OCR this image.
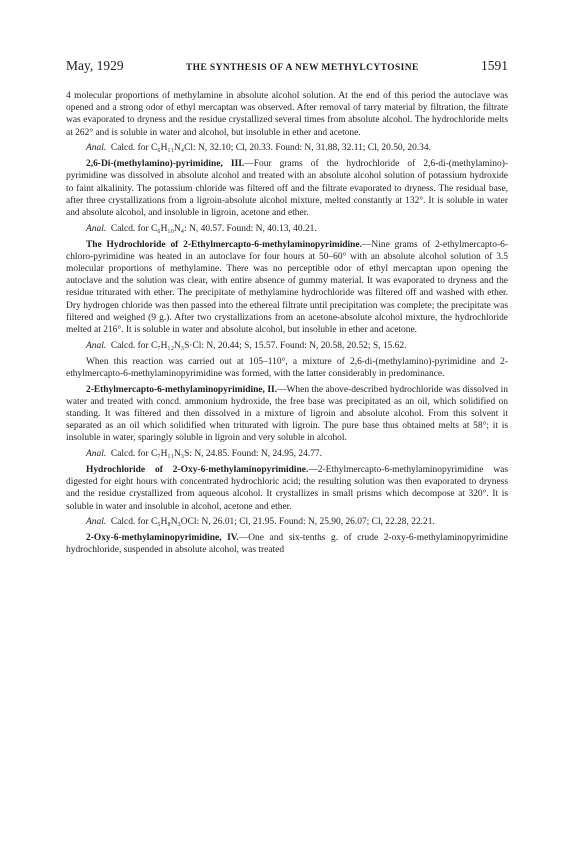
May, 1929	THE SYNTHESIS OF A NEW METHYLCYTOSINE	1591

4 molecular proportions of methylamine in absolute alcohol solution. At the end of this period the autoclave was opened and a strong odor of ethyl mercaptan was observed. After removal of tarry material by filtration, the filtrate was evaporated to dryness and the residue crystallized several times from absolute alcohol. The hydrochloride melts at 262° and is soluble in water and alcohol, but insoluble in ether and acetone.

Anal. Calcd. for C₆H₁₁N₄Cl: N, 32.10; Cl, 20.33. Found: N, 31.88, 32.11; Cl, 20.50, 20.34.

2,6-Di-(methylamino)-pyrimidine, III.—Four grams of the hydrochloride of 2,6-di-(methylamino)-pyrimidine was dissolved in absolute alcohol and treated with an absolute alcohol solution of potassium hydroxide to faint alkalinity. The potassium chloride was filtered off and the filtrate evaporated to dryness. The residual base, after three crystallizations from a ligroin-absolute alcohol mixture, melted constantly at 132°. It is soluble in water and absolute alcohol, and insoluble in ligroin, acetone and ether.

Anal. Calcd. for C₆H₁₀N₄: N, 40.57. Found: N, 40.13, 40.21.

The Hydrochloride of 2-Ethylmercapto-6-methylaminopyrimidine.—Nine grams of 2-ethylmercapto-6-chloro-pyrimidine was heated in an autoclave for four hours at 50–60° with an absolute alcohol solution of 3.5 molecular proportions of methylamine. There was no perceptible odor of ethyl mercaptan upon opening the autoclave and the solution was clear, with entire absence of gummy material. It was evaporated to dryness and the residue triturated with ether. The precipitate of methylamine hydrochloride was filtered off and washed with ether. Dry hydrogen chloride was then passed into the ethereal filtrate until precipitation was complete; the precipitate was filtered and weighed (9 g.). After two crystallizations from an acetone-absolute alcohol mixture, the hydrochloride melted at 216°. It is soluble in water and absolute alcohol, but insoluble in ether and acetone.

Anal. Calcd. for C₇H₁₂N₃S·Cl: N, 20.44; S, 15.57. Found: N, 20.58, 20.52; S, 15.62.

When this reaction was carried out at 105–110°, a mixture of 2,6-di-(methylamino)-pyrimidine and 2-ethylmercapto-6-methylaminopyrimidine was formed, with the latter considerably in predominance.

2-Ethylmercapto-6-methylaminopyrimidine, II.—When the above-described hydrochloride was dissolved in water and treated with concd. ammonium hydroxide, the free base was precipitated as an oil, which solidified on standing. It was filtered and then dissolved in a mixture of ligroin and absolute alcohol. From this solvent it separated as an oil which solidified when triturated with ligroin. The pure base thus obtained melts at 58°; it is insoluble in water, sparingly soluble in ligroin and very soluble in alcohol.

Anal. Calcd. for C₇H₁₁N₃S: N, 24.85. Found: N, 24.95, 24.77.

Hydrochloride of 2-Oxy-6-methylaminopyrimidine.—2-Ethylmercapto-6-methylaminopyrimidine was digested for eight hours with concentrated hydrochloric acid; the resulting solution was then evaporated to dryness and the residue crystallized from aqueous alcohol. It crystallizes in small prisms which decompose at 320°. It is soluble in water and insoluble in alcohol, acetone and ether.

Anal. Calcd. for C₅H₈N₃OCl: N, 26.01; Cl, 21.95. Found: N, 25.90, 26.07; Cl, 22.28, 22.21.

2-Oxy-6-methylaminopyrimidine, IV.—One and six-tenths g. of crude 2-oxy-6-methylaminopyrimidine hydrochloride, suspended in absolute alcohol, was treated
